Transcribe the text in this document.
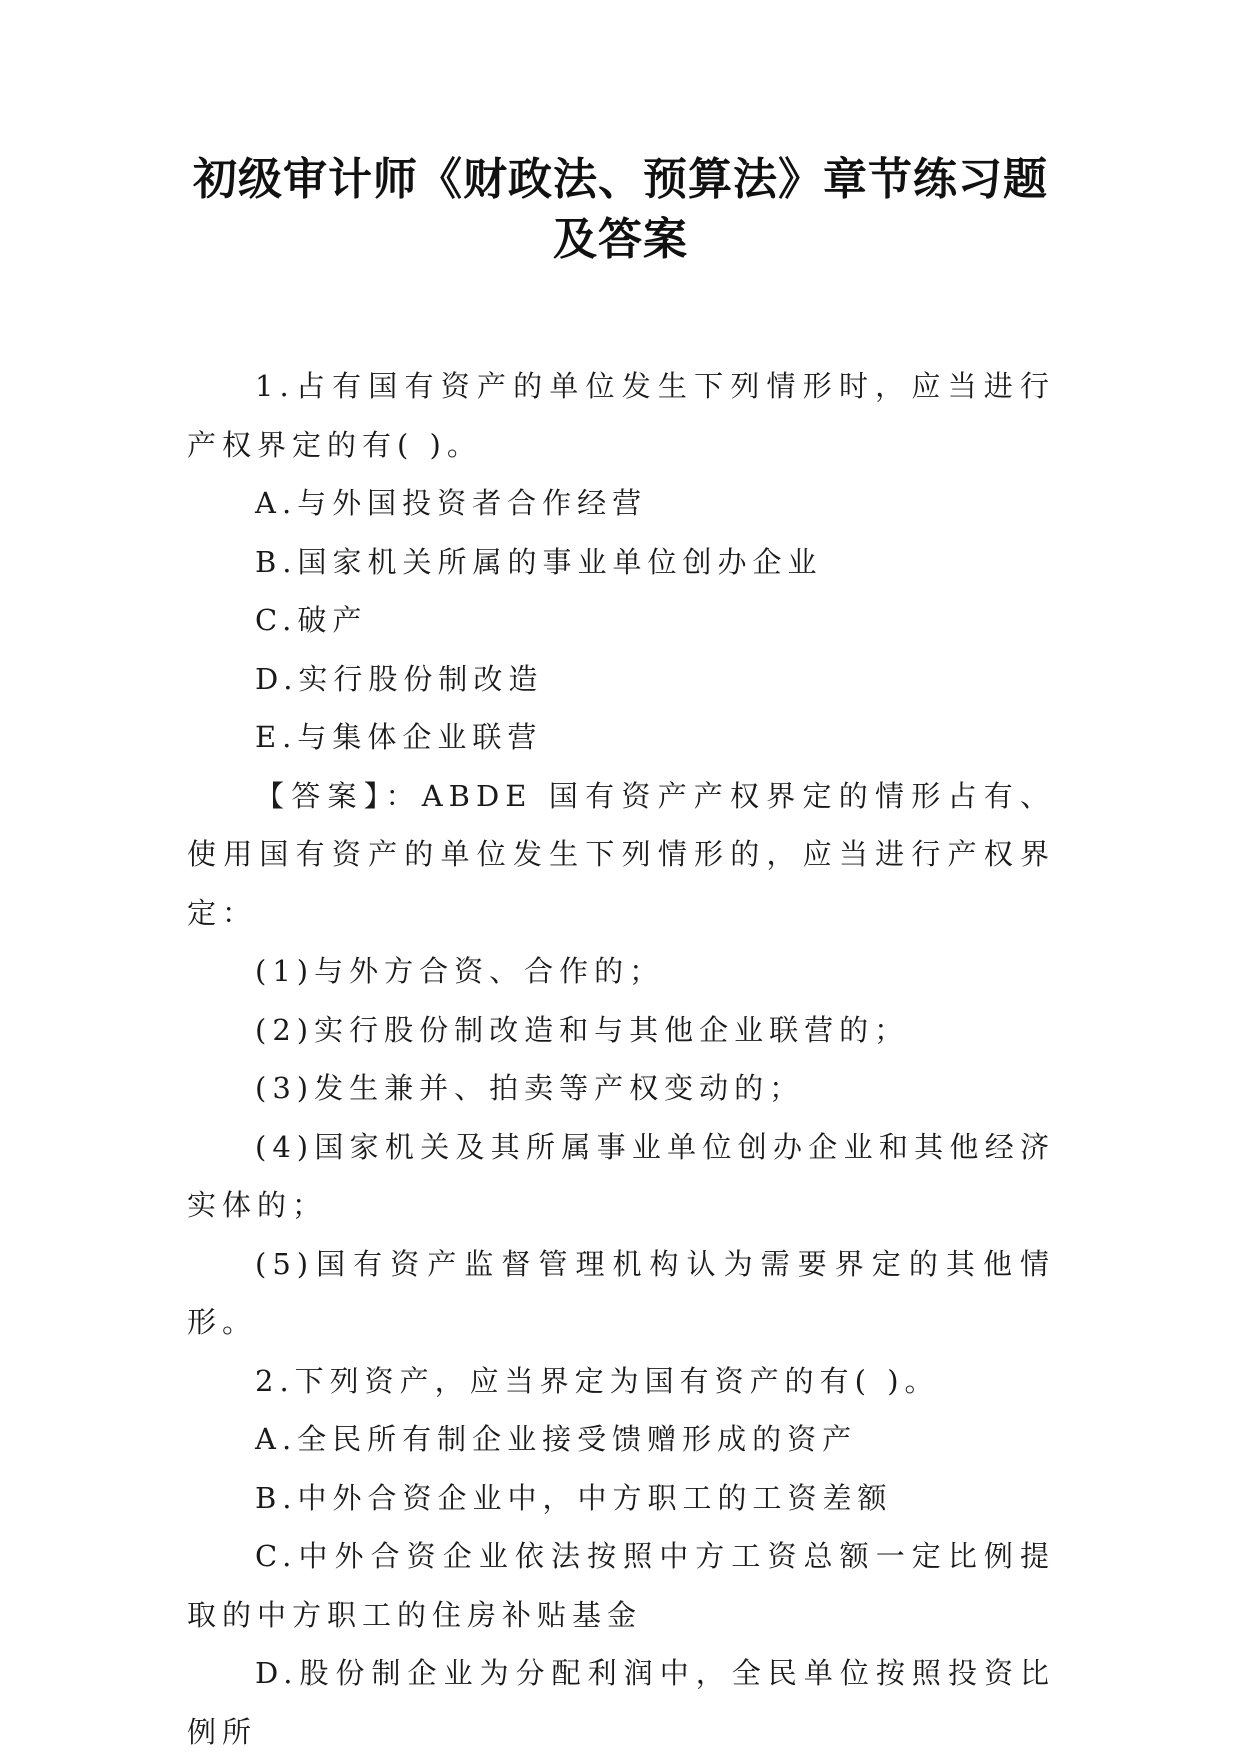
初级审计师《财政法、预算法》章节练习题
及答案

1.占有国有资产的单位发生下列情形时，应当进行产权界定的有( )。

A.与外国投资者合作经营

B.国家机关所属的事业单位创办企业

C.破产

D.实行股份制改造

E.与集体企业联营

【答案】：ABDE 国有资产产权界定的情形占有、使用国有资产的单位发生下列情形的，应当进行产权界定：

(1)与外方合资、合作的；

(2)实行股份制改造和与其他企业联营的；

(3)发生兼并、拍卖等产权变动的；

(4)国家机关及其所属事业单位创办企业和其他经济实体的；

(5)国有资产监督管理机构认为需要界定的其他情形。

2.下列资产，应当界定为国有资产的有( )。

A.全民所有制企业接受馈赠形成的资产

B.中外合资企业中，中方职工的工资差额

C.中外合资企业依法按照中方工资总额一定比例提取的中方职工的住房补贴基金

D.股份制企业为分配利润中，全民单位按照投资比例所
